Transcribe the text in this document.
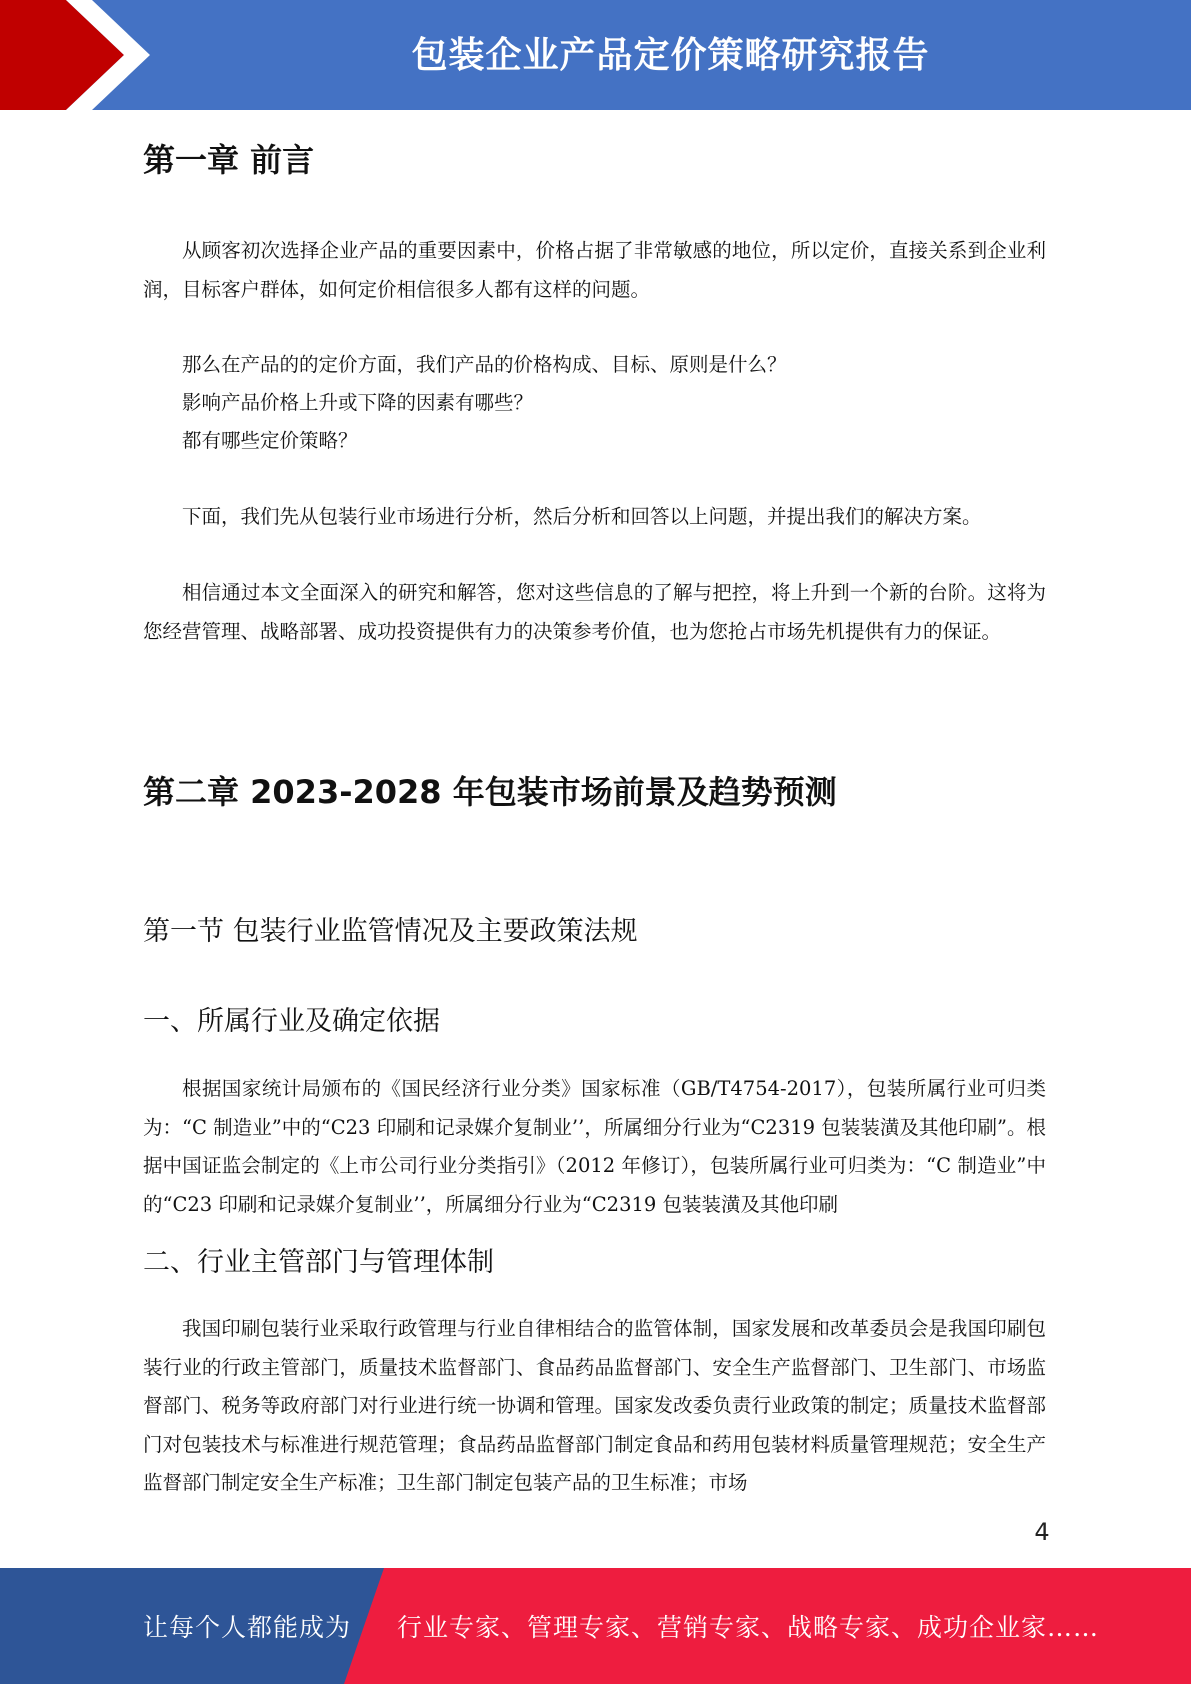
包装企业产品定价策略研究报告
第一章 前言

从顾客初次选择企业产品的重要因素中，价格占据了非常敏感的地位，所以定价，直接关系到企业利润，目标客户群体，如何定价相信很多人都有这样的问题。

那么在产品的的定价方面，我们产品的价格构成、目标、原则是什么？

影响产品价格上升或下降的因素有哪些？

都有哪些定价策略？

下面，我们先从包装行业市场进行分析，然后分析和回答以上问题，并提出我们的解决方案。

相信通过本文全面深入的研究和解答，您对这些信息的了解与把控，将上升到一个新的台阶。这将为您经营管理、战略部署、成功投资提供有力的决策参考价值，也为您抢占市场先机提供有力的保证。

第二章 2023-2028 年包装市场前景及趋势预测
第一节 包装行业监管情况及主要政策法规
一、所属行业及确定依据

根据国家统计局颁布的《国民经济行业分类》国家标准（GB/T4754-2017），包装所属行业可归类为：“C 制造业”中的“C23 印刷和记录媒介复制业’’，所属细分行业为“C2319 包装装潢及其他印刷”。根据中国证监会制定的《上市公司行业分类指引》（2012 年修订），包装所属行业可归类为：“C 制造业”中的“C23 印刷和记录媒介复制业’’，所属细分行业为“C2319 包装装潢及其他印刷

二、行业主管部门与管理体制

我国印刷包装行业采取行政管理与行业自律相结合的监管体制，国家发展和改革委员会是我国印刷包装行业的行政主管部门，质量技术监督部门、食品药品监督部门、安全生产监督部门、卫生部门、市场监督部门、税务等政府部门对行业进行统一协调和管理。国家发改委负责行业政策的制定；质量技术监督部门对包装技术与标准进行规范管理；食品药品监督部门制定食品和药用包装材料质量管理规范；安全生产监督部门制定安全生产标准；卫生部门制定包装产品的卫生标准；市场

4
让每个人都能成为 行业专家、管理专家、营销专家、战略专家、成功企业家……
